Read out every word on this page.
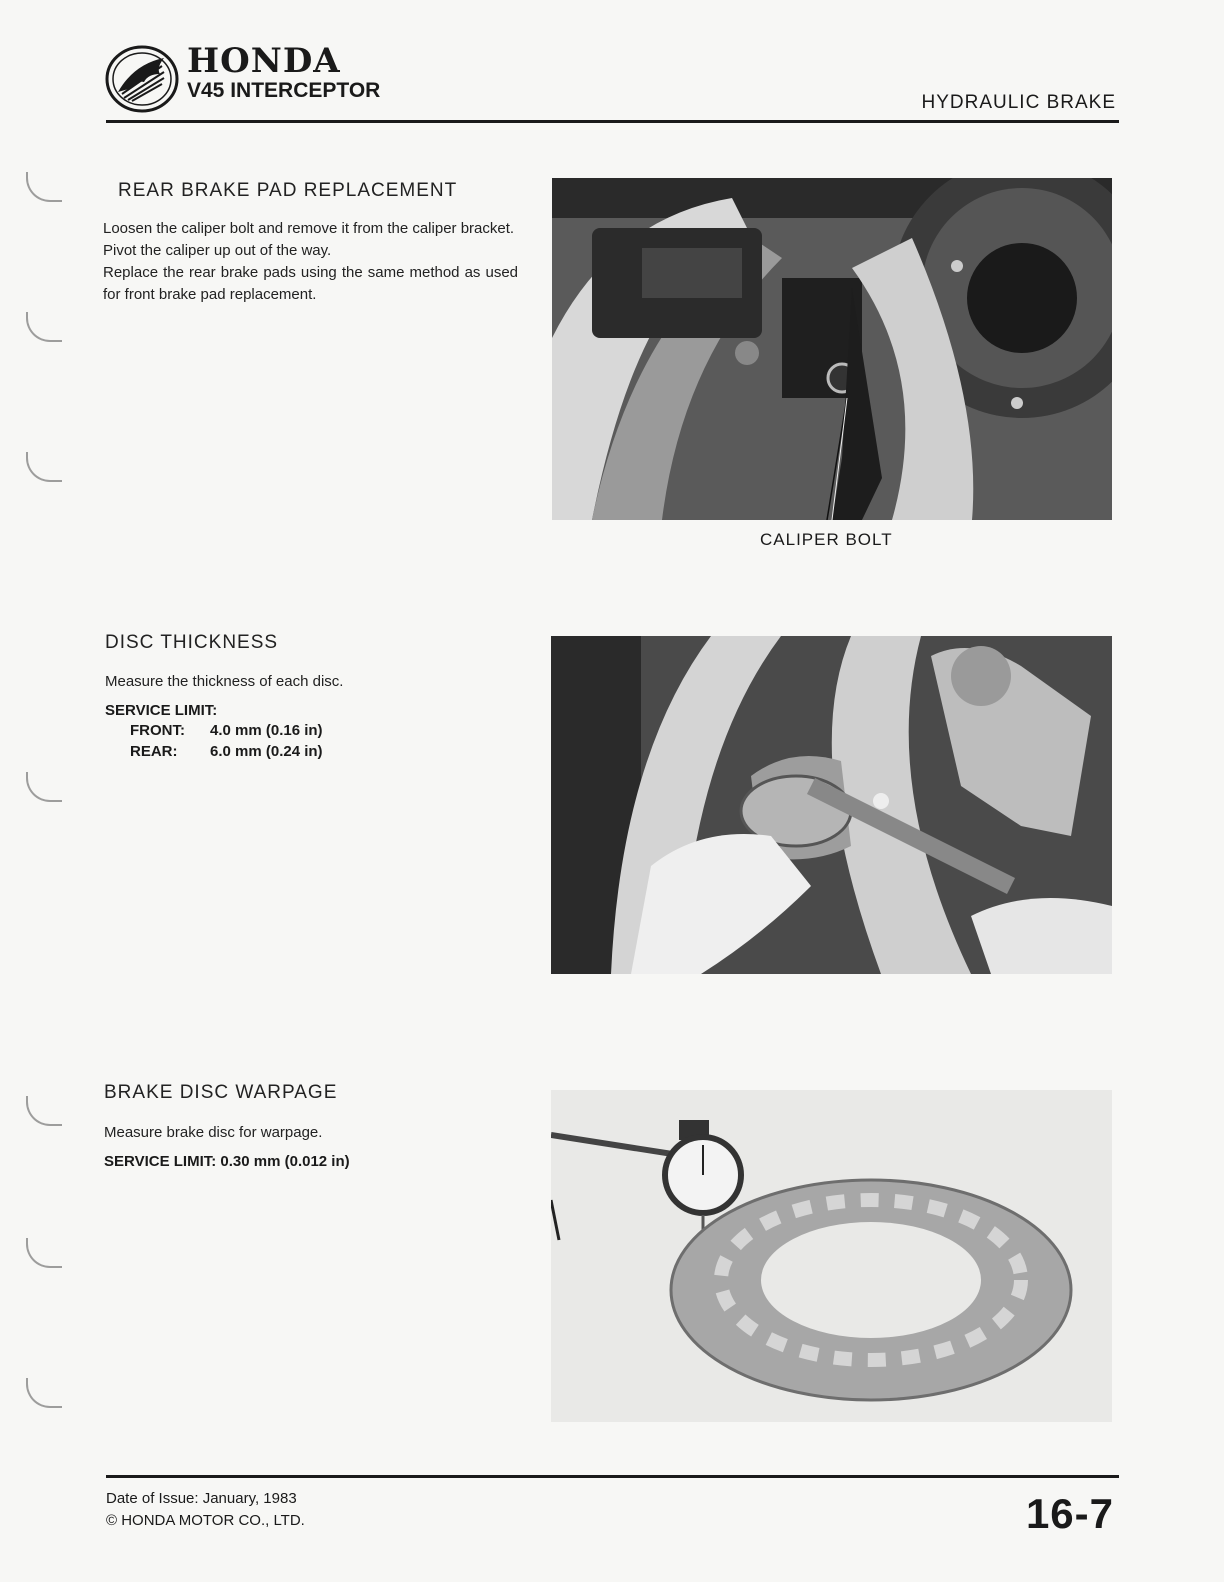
HONDA
V45 INTERCEPTOR
HYDRAULIC BRAKE
REAR BRAKE PAD REPLACEMENT

Loosen the caliper bolt and remove it from the caliper bracket.

Pivot the caliper up out of the way.

Replace the rear brake pads using the same method as used for front brake pad replacement.

CALIPER BOLT
DISC THICKNESS
Measure the thickness of each disc.
SERVICE LIMIT:
FRONT: 4.0 mm (0.16 in)
REAR: 6.0 mm (0.24 in)
BRAKE DISC WARPAGE
Measure brake disc for warpage.
SERVICE LIMIT: 0.30 mm (0.012 in)
Date of Issue: January, 1983
© HONDA MOTOR CO., LTD.	16-7
